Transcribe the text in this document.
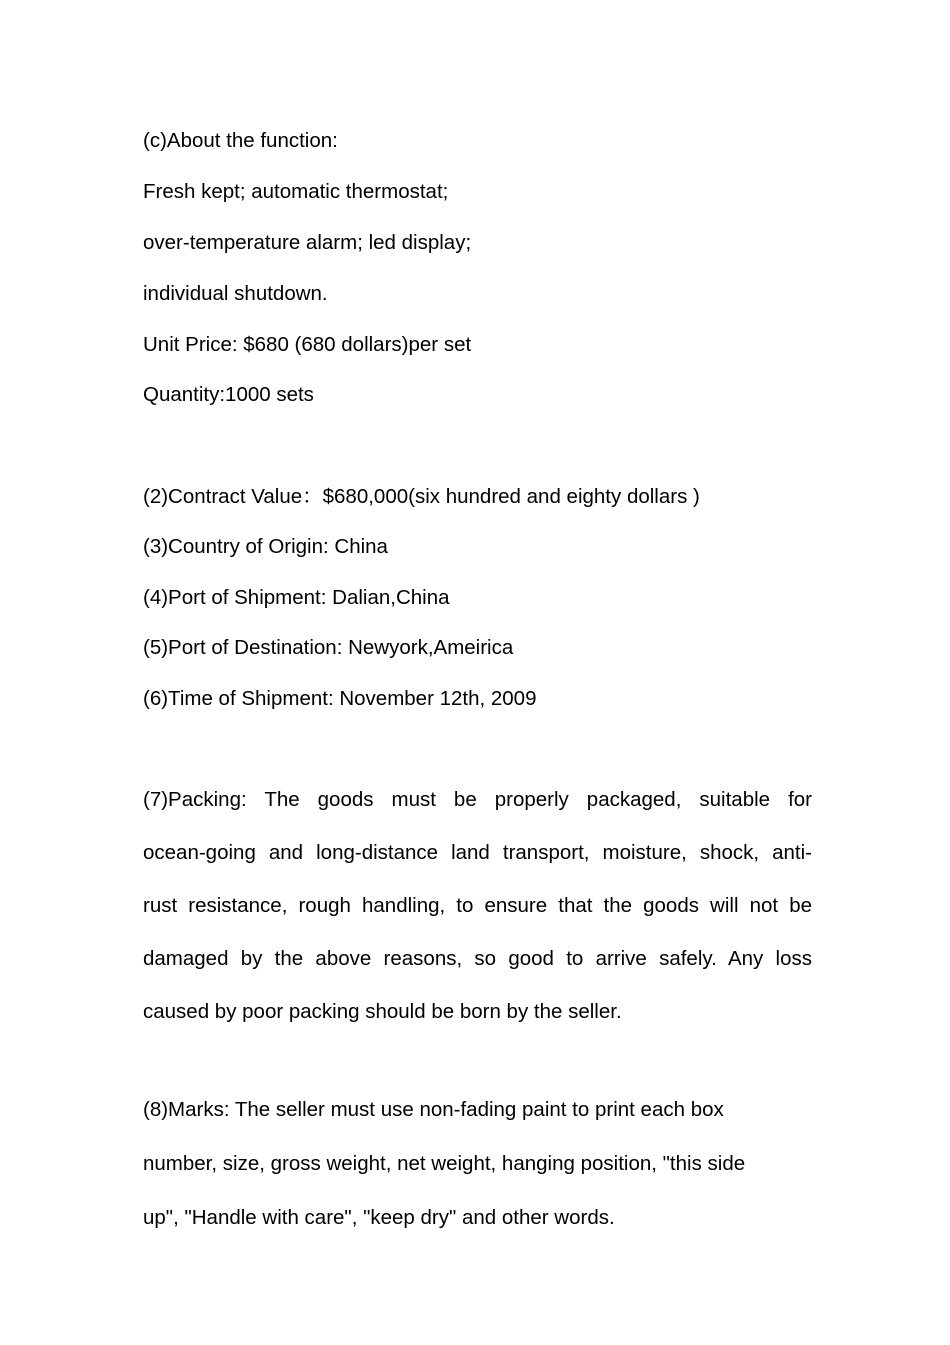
(c)About the function:
Fresh kept; automatic thermostat;
over-temperature alarm; led display;
individual shutdown.
Unit Price: $680 (680 dollars)per set
Quantity:1000 sets
(2)Contract Value：$680,000(six hundred and eighty dollars )
(3)Country of Origin: China
(4)Port of Shipment: Dalian,China
(5)Port of Destination: Newyork,Ameirica
(6)Time of Shipment: November 12th, 2009
(7)Packing: The goods must be properly packaged, suitable for
ocean-going and long-distance land transport, moisture, shock, anti-
rust resistance, rough handling, to ensure that the goods will not be
damaged by the above reasons, so good to arrive safely. Any loss
caused by poor packing should be born by the seller.
(8)Marks: The seller must use non-fading paint to print each box
number, size, gross weight, net weight, hanging position, "this side
up", "Handle with care", "keep dry" and other words.
